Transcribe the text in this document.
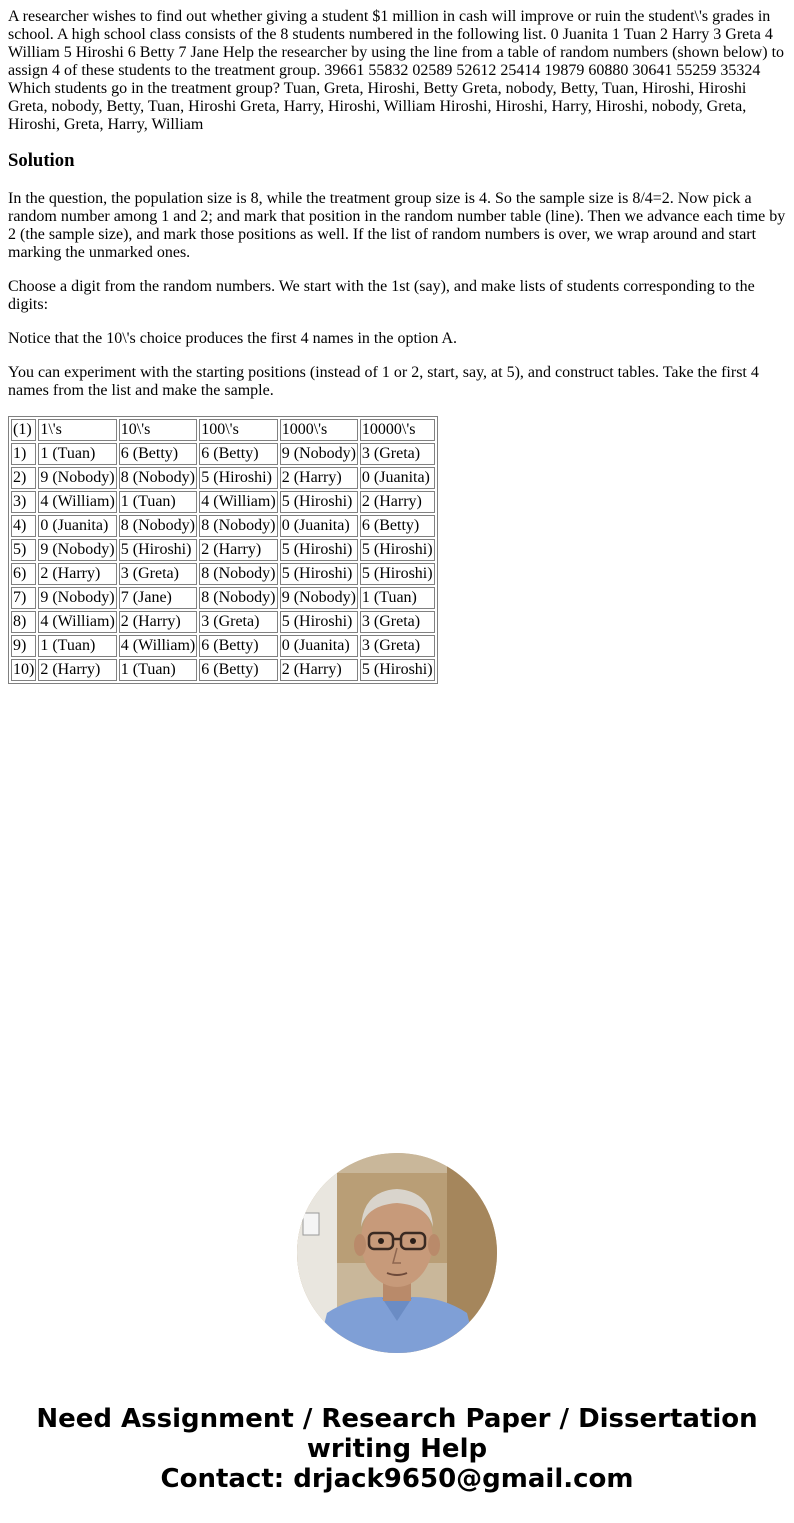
A researcher wishes to find out whether giving a student $1 million in cash will improve or ruin the student\'s grades in school. A high school class consists of the 8 students numbered in the following list. 0 Juanita 1 Tuan 2 Harry 3 Greta 4 William 5 Hiroshi 6 Betty 7 Jane Help the researcher by using the line from a table of random numbers (shown below) to assign 4 of these students to the treatment group. 39661 55832 02589 52612 25414 19879 60880 30641 55259 35324 Which students go in the treatment group? Tuan, Greta, Hiroshi, Betty Greta, nobody, Betty, Tuan, Hiroshi, Hiroshi Greta, nobody, Betty, Tuan, Hiroshi Greta, Harry, Hiroshi, William Hiroshi, Hiroshi, Harry, Hiroshi, nobody, Greta, Hiroshi, Greta, Harry, William

Solution

In the question, the population size is 8, while the treatment group size is 4. So the sample size is 8/4=2. Now pick a random number among 1 and 2; and mark that position in the random number table (line). Then we advance each time by 2 (the sample size), and mark those positions as well. If the list of random numbers is over, we wrap around and start marking the unmarked ones.

Choose a digit from the random numbers. We start with the 1st (say), and make lists of students corresponding to the digits:

Notice that the 10\'s choice produces the first 4 names in the option A.

You can experiment with the starting positions (instead of 1 or 2, start, say, at 5), and construct tables. Take the first 4 names from the list and make the sample.

(1)	1\'s	10\'s	100\'s	1000\'s	10000\'s
1)	1 (Tuan)	6 (Betty)	6 (Betty)	9 (Nobody)	3 (Greta)
2)	9 (Nobody)	8 (Nobody)	5 (Hiroshi)	2 (Harry)	0 (Juanita)
3)	4 (William)	1 (Tuan)	4 (William)	5 (Hiroshi)	2 (Harry)
4)	0 (Juanita)	8 (Nobody)	8 (Nobody)	0 (Juanita)	6 (Betty)
5)	9 (Nobody)	5 (Hiroshi)	2 (Harry)	5 (Hiroshi)	5 (Hiroshi)
6)	2 (Harry)	3 (Greta)	8 (Nobody)	5 (Hiroshi)	5 (Hiroshi)
7)	9 (Nobody)	7 (Jane)	8 (Nobody)	9 (Nobody)	1 (Tuan)
8)	4 (William)	2 (Harry)	3 (Greta)	5 (Hiroshi)	3 (Greta)
9)	1 (Tuan)	4 (William)	6 (Betty)	0 (Juanita)	3 (Greta)
10)	2 (Harry)	1 (Tuan)	6 (Betty)	2 (Harry)	5 (Hiroshi)
Need Assignment / Research Paper / Dissertation
writing Help
Contact: drjack9650@gmail.com
